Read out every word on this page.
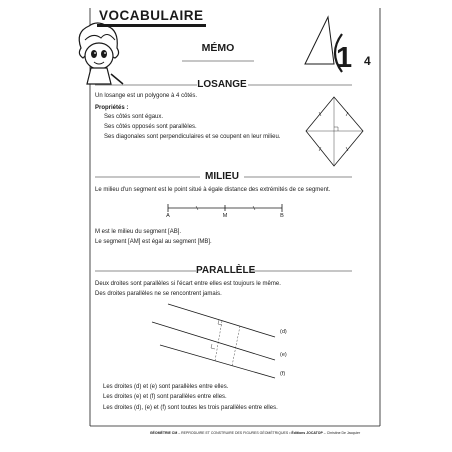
VOCABULAIRE
MÉMO	1 4
LOSANGE
Un losange est un polygone à 4 côtés.
Propriétés :
Ses côtés sont égaux.
Ses côtés opposés sont parallèles.
Ses diagonales sont perpendiculaires et se coupent en leur milieu.
MILIEU
Le milieu d'un segment est le point situé à égale distance des extrémités de ce segment.
A	M	B
M est le milieu du segment [AB].
Le segment [AM] est égal au segment [MB].
PARALLÈLE
Deux droites sont parallèles si l'écart entre elles est toujours le même.
Des droites parallèles ne se rencontrent jamais.
(d)
(e)
(f)
Les droites (d) et (e) sont parallèles entre elles.
Les droites (e) et (f) sont parallèles entre elles.
Les droites (d), (e) et (f) sont toutes les trois parallèles entre elles.
GÉOMÉTRIE CM – REPRODUIRE ET CONSTRUIRE DES FIGURES GÉOMÉTRIQUES • Éditions JOCATOP – Christine De Jacquier
